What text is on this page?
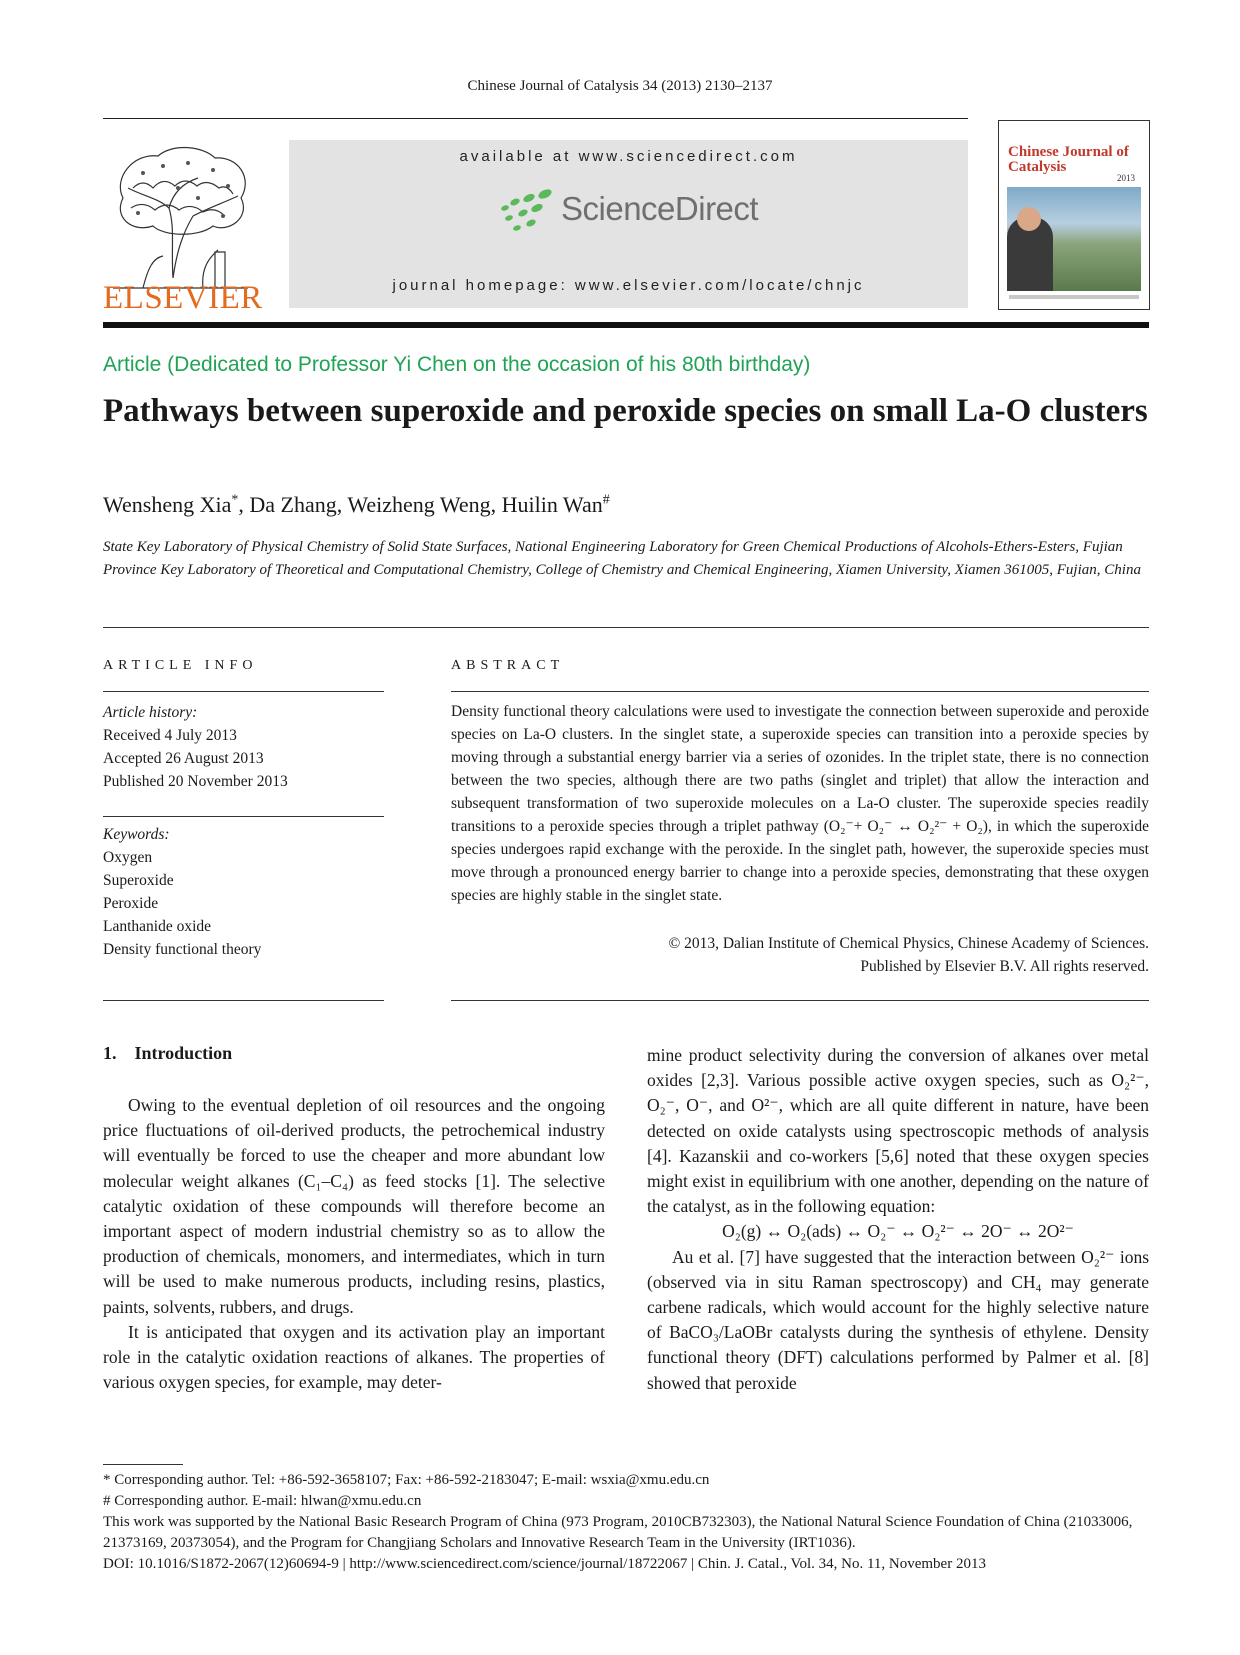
Chinese Journal of Catalysis 34 (2013) 2130–2137
ELSEVIER
available at www.sciencedirect.com
ScienceDirect
journal homepage: www.elsevier.com/locate/chnjc
Chinese Journal of Catalysis
2013
Article (Dedicated to Professor Yi Chen on the occasion of his 80th birthday)
Pathways between superoxide and peroxide species on small La-O clusters
Wensheng Xia*, Da Zhang, Weizheng Weng, Huilin Wan#
State Key Laboratory of Physical Chemistry of Solid State Surfaces, National Engineering Laboratory for Green Chemical Productions of Alcohols-Ethers-Esters, Fujian Province Key Laboratory of Theoretical and Computational Chemistry, College of Chemistry and Chemical Engineering, Xiamen University, Xiamen 361005, Fujian, China
ARTICLE INFO
Article history:
Received 4 July 2013
Accepted 26 August 2013
Published 20 November 2013
Keywords:
Oxygen
Superoxide
Peroxide
Lanthanide oxide
Density functional theory
ABSTRACT
Density functional theory calculations were used to investigate the connection between superoxide and peroxide species on La-O clusters. In the singlet state, a superoxide species can transition into a peroxide species by moving through a substantial energy barrier via a series of ozonides. In the triplet state, there is no connection between the two species, although there are two paths (singlet and triplet) that allow the interaction and subsequent transformation of two superoxide molecules on a La-O cluster. The superoxide species readily transitions to a peroxide species through a triplet pathway (O₂⁻+ O₂⁻ ↔ O₂²⁻ + O₂), in which the superoxide species undergoes rapid exchange with the peroxide. In the singlet path, however, the superoxide species must move through a pronounced energy barrier to change into a peroxide species, demonstrating that these oxygen species are highly stable in the singlet state.
© 2013, Dalian Institute of Chemical Physics, Chinese Academy of Sciences.
Published by Elsevier B.V. All rights reserved.
1.    Introduction

Owing to the eventual depletion of oil resources and the ongoing price fluctuations of oil-derived products, the petrochemical industry will eventually be forced to use the cheaper and more abundant low molecular weight alkanes (C₁–C₄) as feed stocks [1]. The selective catalytic oxidation of these compounds will therefore become an important aspect of modern industrial chemistry so as to allow the production of chemicals, monomers, and intermediates, which in turn will be used to make numerous products, including resins, plastics, paints, solvents, rubbers, and drugs.

It is anticipated that oxygen and its activation play an important role in the catalytic oxidation reactions of alkanes. The properties of various oxygen species, for example, may deter-

mine product selectivity during the conversion of alkanes over metal oxides [2,3]. Various possible active oxygen species, such as O₂²⁻, O₂⁻, O⁻, and O²⁻, which are all quite different in nature, have been detected on oxide catalysts using spectroscopic methods of analysis [4]. Kazanskii and co-workers [5,6] noted that these oxygen species might exist in equilibrium with one another, depending on the nature of the catalyst, as in the following equation:

O₂(g) ↔ O₂(ads) ↔ O₂⁻ ↔ O₂²⁻ ↔ 2O⁻ ↔ 2O²⁻

Au et al. [7] have suggested that the interaction between O₂²⁻ ions (observed via in situ Raman spectroscopy) and CH₄ may generate carbene radicals, which would account for the highly selective nature of BaCO₃/LaOBr catalysts during the synthesis of ethylene. Density functional theory (DFT) calculations performed by Palmer et al. [8] showed that peroxide

* Corresponding author. Tel: +86-592-3658107; Fax: +86-592-2183047; E-mail: wsxia@xmu.edu.cn

# Corresponding author. E-mail: hlwan@xmu.edu.cn

This work was supported by the National Basic Research Program of China (973 Program, 2010CB732303), the National Natural Science Foundation of China (21033006, 21373169, 20373054), and the Program for Changjiang Scholars and Innovative Research Team in the University (IRT1036).

DOI: 10.1016/S1872-2067(12)60694-9 | http://www.sciencedirect.com/science/journal/18722067 | Chin. J. Catal., Vol. 34, No. 11, November 2013
